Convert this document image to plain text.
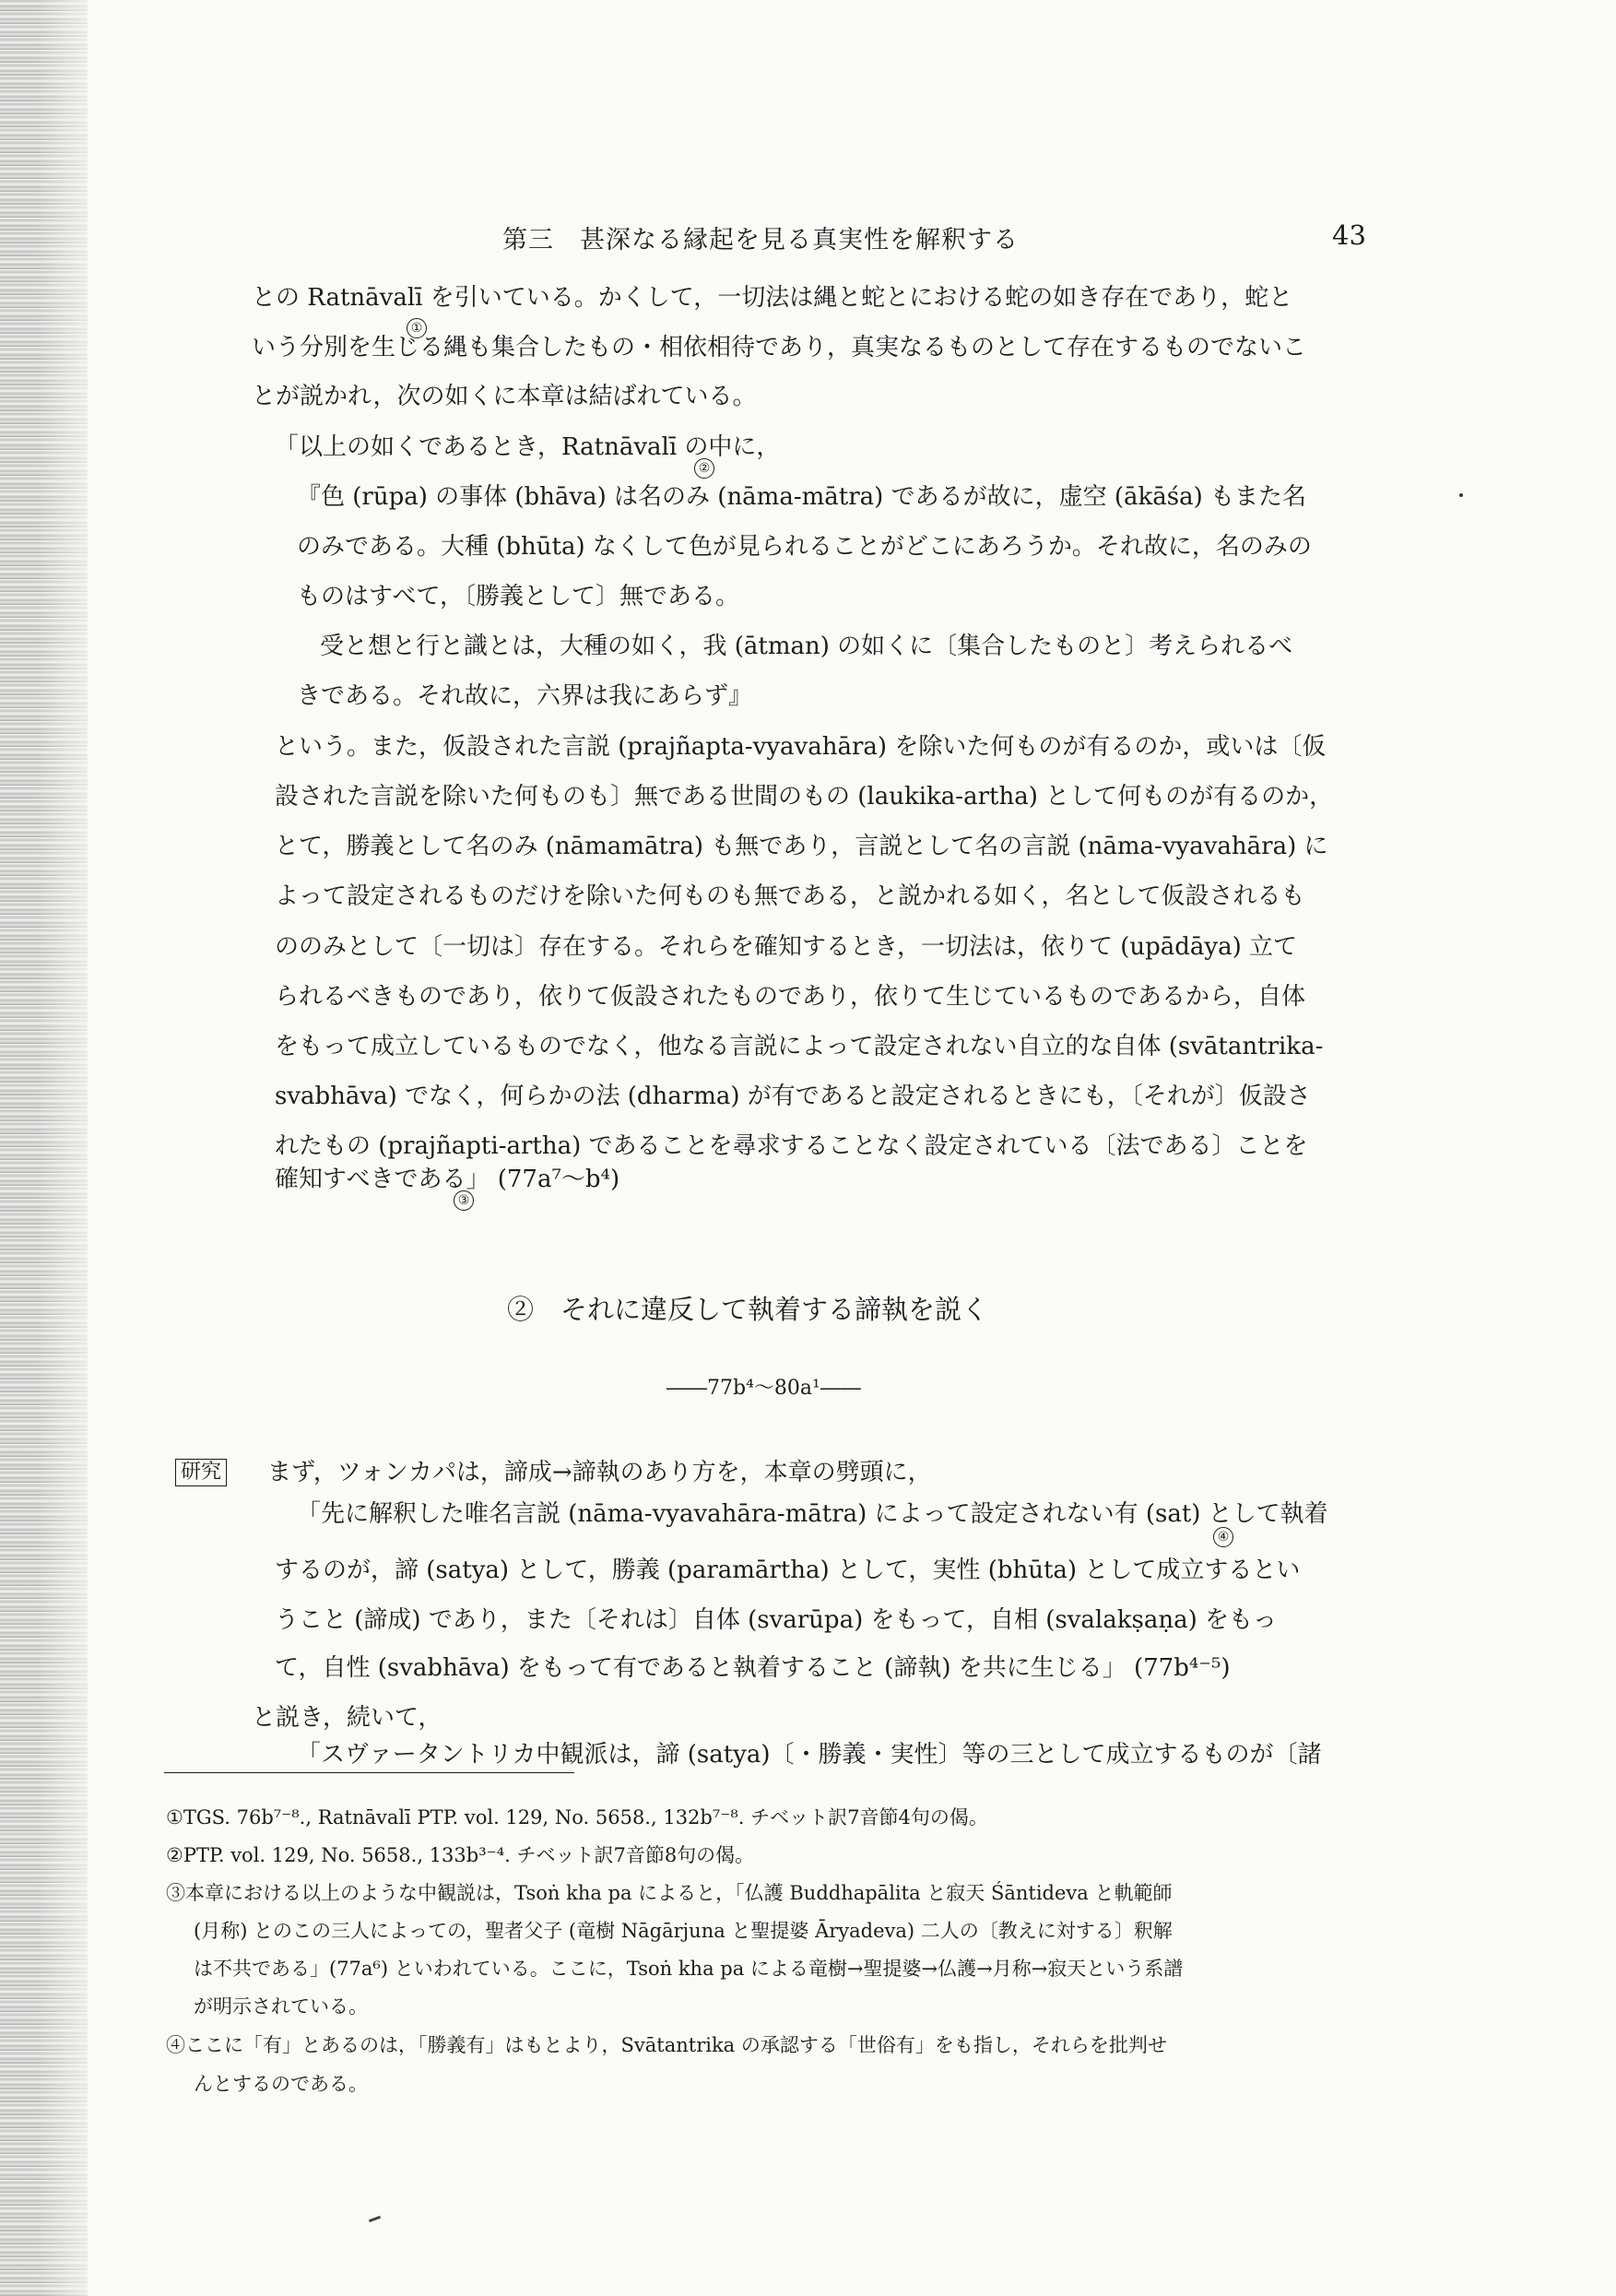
第三　甚深なる縁起を見る真実性を解釈する	43
との Ratnāvalī を引いている。かくして，一切法は縄と蛇とにおける蛇の如き存在であり，蛇と
いう分別を生じる縄も集合したもの・相依相待であり，真実なるものとして存在するものでないこ
とが説かれ，次の如くに本章は結ばれている。
「以上の如くであるとき，Ratnāvalī の中に，
『色 (rūpa) の事体 (bhāva) は名のみ (nāma-mātra) であるが故に，虚空 (ākāśa) もまた名
のみである。大種 (bhūta) なくして色が見られることがどこにあろうか。それ故に，名のみの
ものはすべて，〔勝義として〕無である。
受と想と行と識とは，大種の如く，我 (ātman) の如くに〔集合したものと〕考えられるべ
きである。それ故に，六界は我にあらず』
という。また，仮設された言説 (prajñapta-vyavahāra) を除いた何ものが有るのか，或いは〔仮
設された言説を除いた何ものも〕無である世間のもの (laukika-artha) として何ものが有るのか，
とて，勝義として名のみ (nāmamātra) も無であり，言説として名の言説 (nāma-vyavahāra) に
よって設定されるものだけを除いた何ものも無である，と説かれる如く，名として仮設されるも
ののみとして〔一切は〕存在する。それらを確知するとき，一切法は，依りて (upādāya) 立て
られるべきものであり，依りて仮設されたものであり，依りて生じているものであるから，自体
をもって成立しているものでなく，他なる言説によって設定されない自立的な自体 (svātantrika-
svabhāva) でなく，何らかの法 (dharma) が有であると設定されるときにも，〔それが〕仮設さ
れたもの (prajñapti-artha) であることを尋求することなく設定されている〔法である〕ことを
確知すべきである」 (77a⁷～b⁴)
①
②
③
④
②　それに違反して執着する諦執を説く
――77b⁴～80a¹――
研究 まず，ツォンカパは，諦成→諦執のあり方を，本章の劈頭に，
「先に解釈した唯名言説 (nāma-vyavahāra-mātra) によって設定されない有 (sat) として執着
するのが，諦 (satya) として，勝義 (paramārtha) として，実性 (bhūta) として成立するとい
うこと (諦成) であり，また〔それは〕自体 (svarūpa) をもって，自相 (svalakṣaṇa) をもっ
て，自性 (svabhāva) をもって有であると執着すること (諦執) を共に生じる」 (77b⁴⁻⁵)
と説き，続いて，
「スヴァータントリカ中観派は，諦 (satya)〔・勝義・実性〕等の三として成立するものが〔諸
①TGS. 76b⁷⁻⁸., Ratnāvalī PTP. vol. 129, No. 5658., 132b⁷⁻⁸. チベット訳7音節4句の偈。
②PTP. vol. 129, No. 5658., 133b³⁻⁴. チベット訳7音節8句の偈。
③本章における以上のような中観説は，Tsoṅ kha pa によると，「仏護 Buddhapālita と寂天 Śāntideva と軌範師
(月称) とのこの三人によっての，聖者父子 (竜樹 Nāgārjuna と聖提婆 Āryadeva) 二人の〔教えに対する〕釈解
は不共である」(77a⁶) といわれている。ここに，Tsoṅ kha pa による竜樹→聖提婆→仏護→月称→寂天という系譜
が明示されている。
④ここに「有」とあるのは，「勝義有」はもとより，Svātantrika の承認する「世俗有」をも指し，それらを批判せ
んとするのである。
